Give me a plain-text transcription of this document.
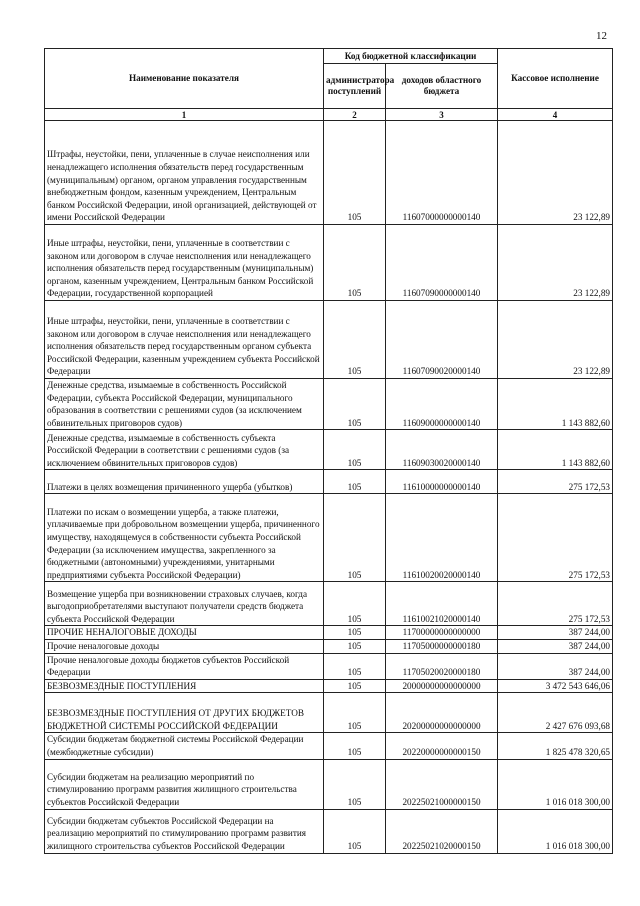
12
Наименование показателя	Код бюджетной классификации		Кассовое исполнение
	администратора поступлений	доходов областного бюджета	
1	2	3	4
Штрафы, неустойки, пени, уплаченные в случае неисполнения или ненадлежащего исполнения обязательств перед государственным (муниципальным) органом, органом управления государственным внебюджетным фондом, казенным учреждением, Центральным банком Российской Федерации, иной организацией, действующей от имени Российской Федерации	105	11607000000000140	23 122,89
Иные штрафы, неустойки, пени, уплаченные в соответствии с законом или договором в случае неисполнения или ненадлежащего исполнения обязательств перед государственным (муниципальным) органом, казенным учреждением, Центральным банком Российской Федерации, государственной корпорацией	105	11607090000000140	23 122,89
Иные штрафы, неустойки, пени, уплаченные в соответствии с законом или договором в случае неисполнения или ненадлежащего исполнения обязательств перед государственным органом субъекта Российской Федерации, казенным учреждением субъекта Российской Федерации	105	11607090020000140	23 122,89
Денежные средства, изымаемые в собственность Российской Федерации, субъекта Российской Федерации, муниципального образования в соответствии с решениями судов (за исключением обвинительных приговоров судов)	105	11609000000000140	1 143 882,60
Денежные средства, изымаемые в собственность субъекта Российской Федерации в соответствии с решениями судов (за исключением обвинительных приговоров судов)	105	11609030020000140	1 143 882,60
Платежи в целях возмещения причиненного ущерба (убытков)	105	11610000000000140	275 172,53
Платежи по искам о возмещении ущерба, а также платежи, уплачиваемые при добровольном возмещении ущерба, причиненного имуществу, находящемуся в собственности субъекта Российской Федерации (за исключением имущества, закрепленного за бюджетными (автономными) учреждениями, унитарными предприятиями субъекта Российской Федерации)	105	11610020020000140	275 172,53
Возмещение ущерба при возникновении страховых случаев, когда выгодоприобретателями выступают получатели средств бюджета субъекта Российской Федерации	105	11610021020000140	275 172,53
ПРОЧИЕ НЕНАЛОГОВЫЕ ДОХОДЫ	105	11700000000000000	387 244,00
Прочие неналоговые доходы	105	11705000000000180	387 244,00
Прочие неналоговые доходы бюджетов субъектов Российской Федерации	105	11705020020000180	387 244,00
БЕЗВОЗМЕЗДНЫЕ ПОСТУПЛЕНИЯ	105	20000000000000000	3 472 543 646,06
БЕЗВОЗМЕЗДНЫЕ ПОСТУПЛЕНИЯ ОТ ДРУГИХ БЮДЖЕТОВ БЮДЖЕТНОЙ СИСТЕМЫ РОССИЙСКОЙ ФЕДЕРАЦИИ	105	20200000000000000	2 427 676 093,68
Субсидии бюджетам бюджетной системы Российской Федерации (межбюджетные субсидии)	105	20220000000000150	1 825 478 320,65
Субсидии бюджетам на реализацию мероприятий по стимулированию программ развития жилищного строительства субъектов Российской Федерации	105	20225021000000150	1 016 018 300,00
Субсидии бюджетам субъектов Российской Федерации на реализацию мероприятий по стимулированию программ развития жилищного строительства субъектов Российской Федерации	105	20225021020000150	1 016 018 300,00
